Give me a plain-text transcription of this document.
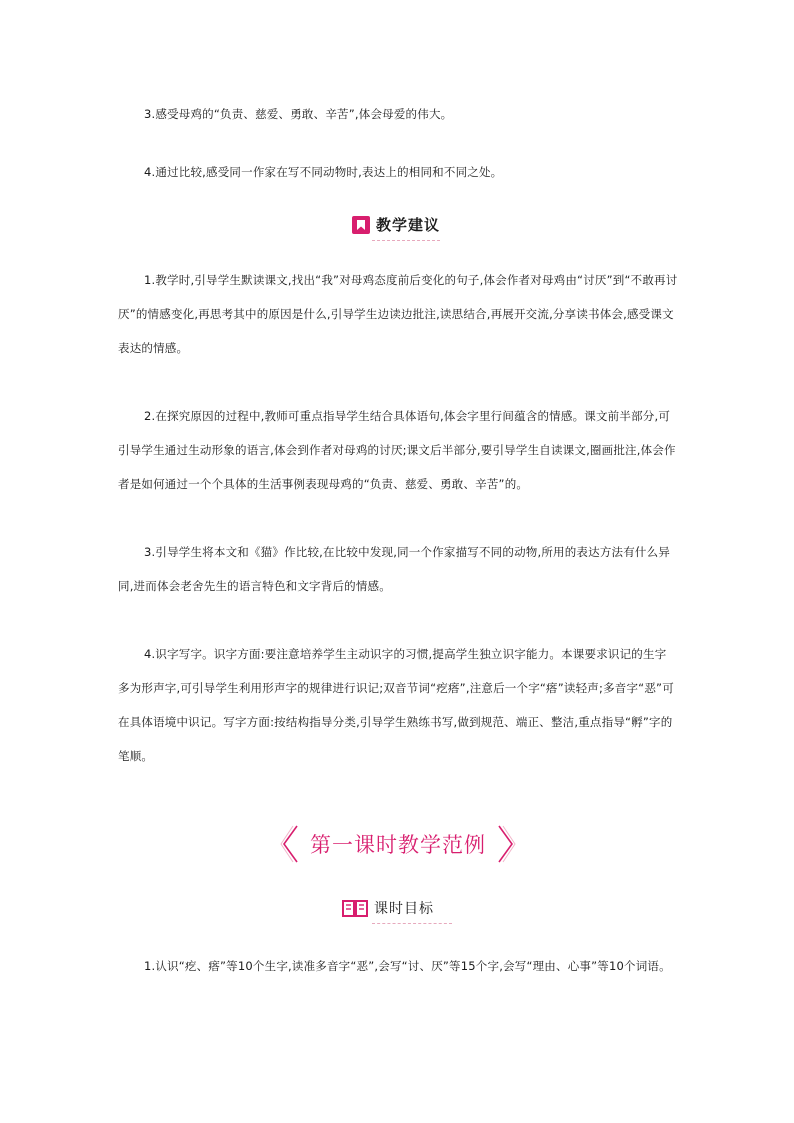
3.感受母鸡的“负责、慈爱、勇敢、辛苦”,体会母爱的伟大。

4.通过比较,感受同一作家在写不同动物时,表达上的相同和不同之处。

教学建议

1.教学时,引导学生默读课文,找出“我”对母鸡态度前后变化的句子,体会作者对母鸡由“讨厌”到“不敢再讨厌”的情感变化,再思考其中的原因是什么,引导学生边读边批注,读思结合,再展开交流,分享读书体会,感受课文表达的情感。

2.在探究原因的过程中,教师可重点指导学生结合具体语句,体会字里行间蕴含的情感。课文前半部分,可引导学生通过生动形象的语言,体会到作者对母鸡的讨厌;课文后半部分,要引导学生自读课文,圈画批注,体会作者是如何通过一个个具体的生活事例表现母鸡的“负责、慈爱、勇敢、辛苦”的。

3.引导学生将本文和《猫》作比较,在比较中发现,同一个作家描写不同的动物,所用的表达方法有什么异同,进而体会老舍先生的语言特色和文字背后的情感。

4.识字写字。识字方面:要注意培养学生主动识字的习惯,提高学生独立识字能力。本课要求识记的生字多为形声字,可引导学生利用形声字的规律进行识记;双音节词“疙瘩”,注意后一个字“瘩”读轻声;多音字“恶”可在具体语境中识记。写字方面:按结构指导分类,引导学生熟练书写,做到规范、端正、整洁,重点指导“孵”字的笔顺。

第一课时教学范例
课时目标

1.认识“疙、瘩”等10个生字,读准多音字“恶”,会写“讨、厌”等15个字,会写“理由、心事”等10个词语。
